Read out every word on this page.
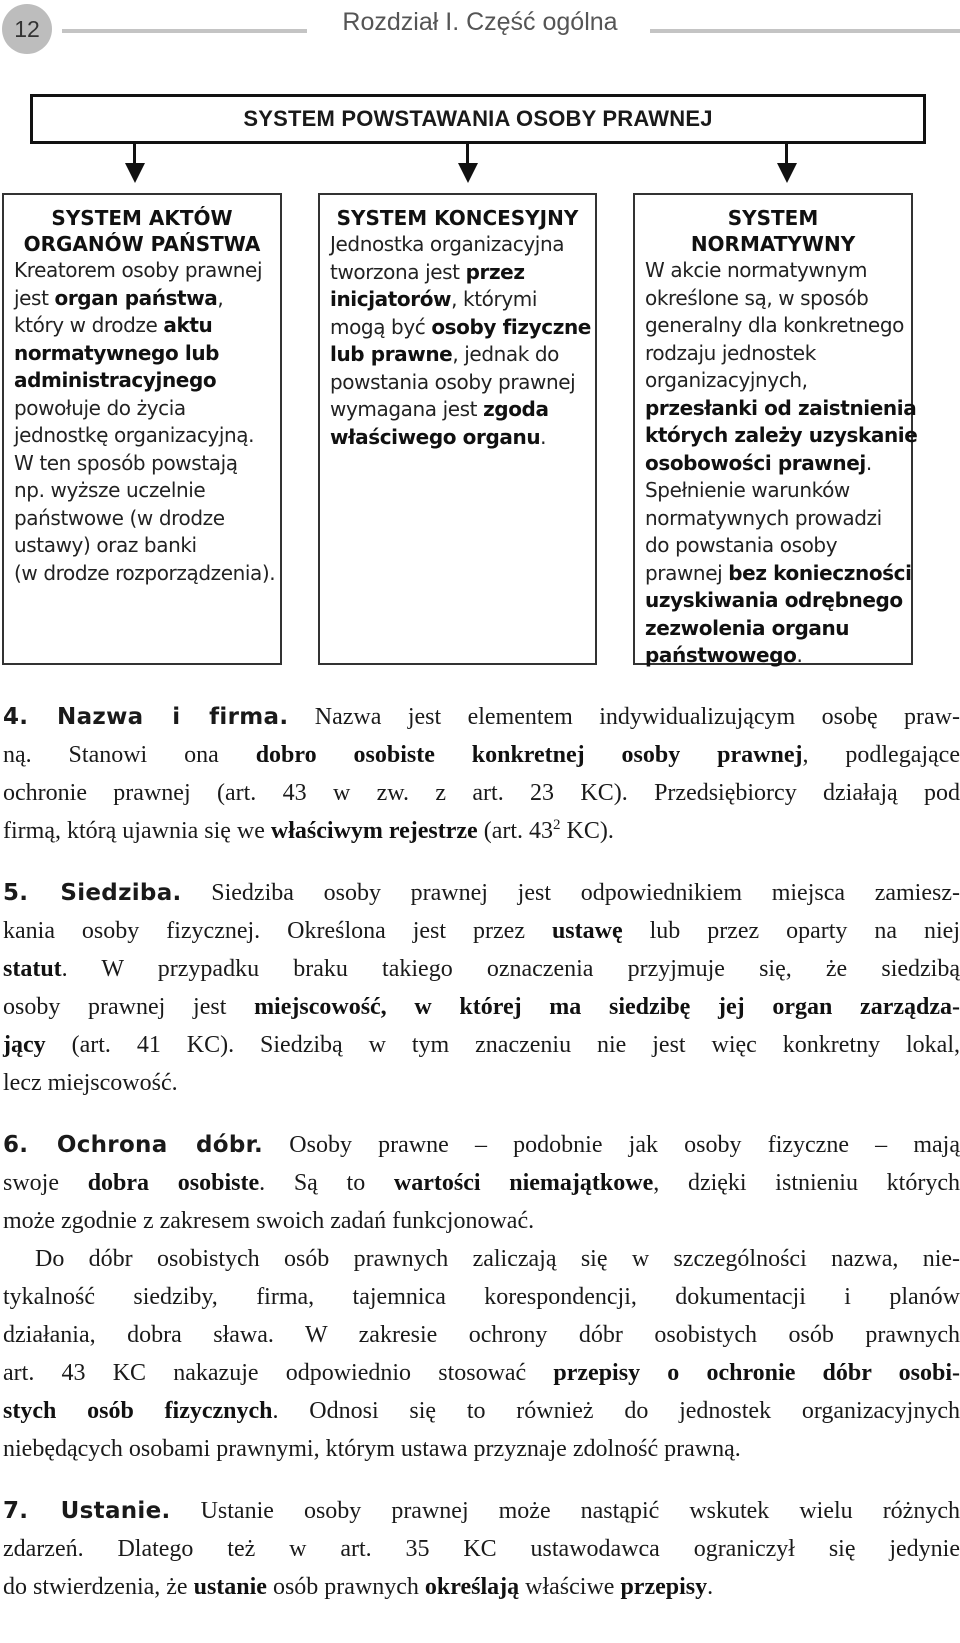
12	Rozdział I. Część ogólna
SYSTEM POWSTAWANIA OSOBY PRAWNEJ
SYSTEM AKTÓW
ORGANÓW PAŃSTWA
Kreatorem osoby prawnej
jest organ państwa,
który w drodze aktu
normatywnego lub
administracyjnego
powołuje do życia
jednostkę organizacyjną.
W ten sposób powstają
np. wyższe uczelnie
państwowe (w drodze
ustawy) oraz banki
(w drodze rozporządzenia).
SYSTEM KONCESYJNY
Jednostka organizacyjna
tworzona jest przez
inicjatorów, którymi
mogą być osoby fizyczne
lub prawne, jednak do
powstania osoby prawnej
wymagana jest zgoda
właściwego organu.
SYSTEM NORMATYWNY
W akcie normatywnym
określone są, w sposób
generalny dla konkretnego
rodzaju jednostek
organizacyjnych,
przesłanki od zaistnienia
których zależy uzyskanie
osobowości prawnej.
Spełnienie warunków
normatywnych prowadzi
do powstania osoby
prawnej bez konieczności
uzyskiwania odrębnego
zezwolenia organu
państwowego.
4. Nazwa i firma. Nazwa jest elementem indywidualizującym osobę praw-
ną. Stanowi ona dobro osobiste konkretnej osoby prawnej, podlegające
ochronie prawnej (art. 43 w zw. z art. 23 KC). Przedsiębiorcy działają pod
firmą, którą ujawnia się we właściwym rejestrze (art. $43^2$ KC).
5. Siedziba. Siedziba osoby prawnej jest odpowiednikiem miejsca zamiesz-
kania osoby fizycznej. Określona jest przez ustawę lub przez oparty na niej
statut. W przypadku braku takiego oznaczenia przyjmuje się, że siedzibą
osoby prawnej jest miejscowość, w której ma siedzibę jej organ zarządza-
jący (art. 41 KC). Siedzibą w tym znaczeniu nie jest więc konkretny lokal,
lecz miejscowość.
6. Ochrona dóbr. Osoby prawne – podobnie jak osoby fizyczne – mają
swoje dobra osobiste. Są to wartości niemajątkowe, dzięki istnieniu których
może zgodnie z zakresem swoich zadań funkcjonować.
Do dóbr osobistych osób prawnych zaliczają się w szczególności nazwa, nie-
tykalność siedziby, firma, tajemnica korespondencji, dokumentacji i planów
działania, dobra sława. W zakresie ochrony dóbr osobistych osób prawnych
art. 43 KC nakazuje odpowiednio stosować przepisy o ochronie dóbr osobi-
stych osób fizycznych. Odnosi się to również do jednostek organizacyjnych
niebędących osobami prawnymi, którym ustawa przyznaje zdolność prawną.
7. Ustanie. Ustanie osoby prawnej może nastąpić wskutek wielu różnych
zdarzeń. Dlatego też w art. 35 KC ustawodawca ograniczył się jedynie
do stwierdzenia, że ustanie osób prawnych określają właściwe przepisy.
